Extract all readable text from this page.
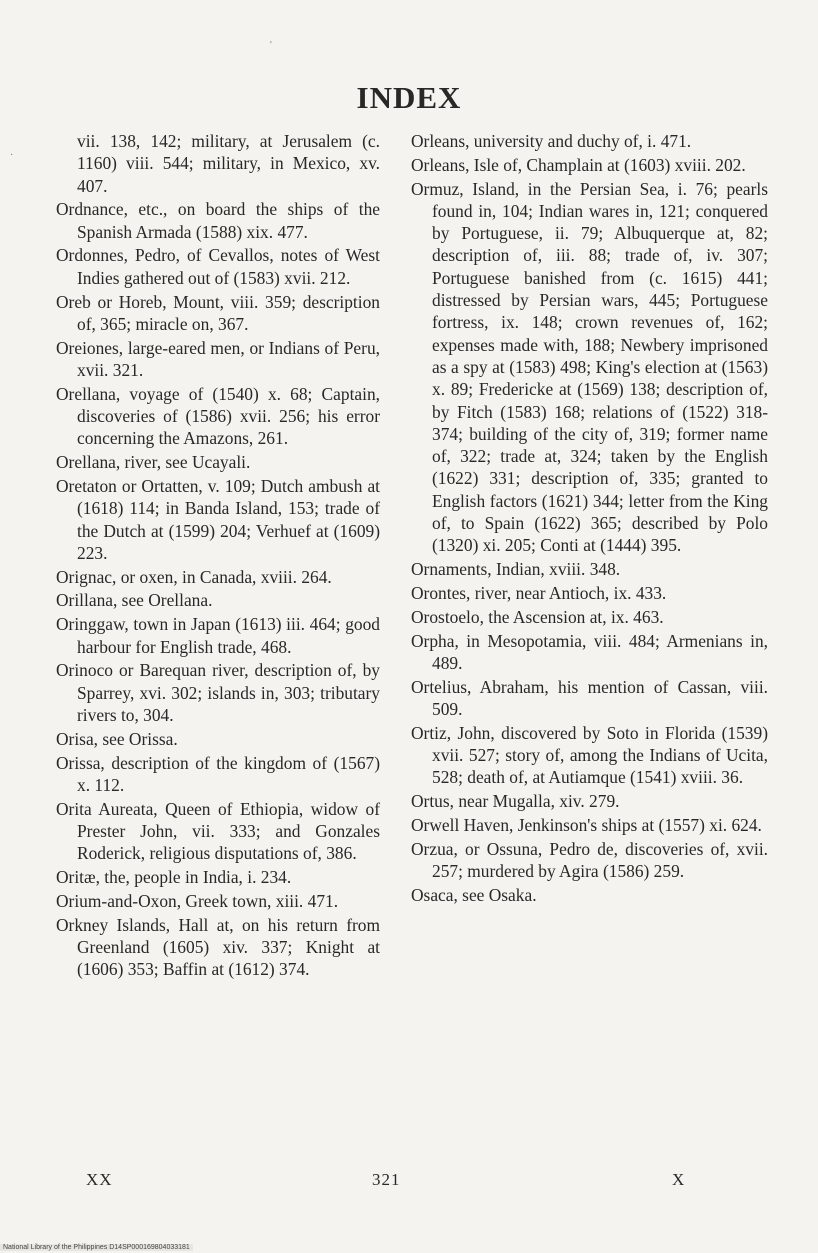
'
·
INDEX

vii. 138, 142; military, at Jerusalem (c. 1160) viii. 544; military, in Mexico, xv. 407.

Ordnance, etc., on board the ships of the Spanish Armada (1588) xix. 477.

Ordonnes, Pedro, of Cevallos, notes of West Indies gathered out of (1583) xvii. 212.

Oreb or Horeb, Mount, viii. 359; description of, 365; miracle on, 367.

Oreiones, large-eared men, or Indians of Peru, xvii. 321.

Orellana, voyage of (1540) x. 68; Captain, discoveries of (1586) xvii. 256; his error concerning the Amazons, 261.

Orellana, river, see Ucayali.

Oretaton or Ortatten, v. 109; Dutch ambush at (1618) 114; in Banda Island, 153; trade of the Dutch at (1599) 204; Verhuef at (1609) 223.

Orignac, or oxen, in Canada, xviii. 264.

Orillana, see Orellana.

Oringgaw, town in Japan (1613) iii. 464; good harbour for English trade, 468.

Orinoco or Barequan river, description of, by Sparrey, xvi. 302; islands in, 303; tributary rivers to, 304.

Orisa, see Orissa.

Orissa, description of the kingdom of (1567) x. 112.

Orita Aureata, Queen of Ethiopia, widow of Prester John, vii. 333; and Gonzales Roderick, religious disputations of, 386.

Oritæ, the, people in India, i. 234.

Orium-and-Oxon, Greek town, xiii. 471.

Orkney Islands, Hall at, on his return from Greenland (1605) xiv. 337; Knight at (1606) 353; Baffin at (1612) 374.

Orleans, university and duchy of, i. 471.

Orleans, Isle of, Champlain at (1603) xviii. 202.

Ormuz, Island, in the Persian Sea, i. 76; pearls found in, 104; Indian wares in, 121; conquered by Portuguese, ii. 79; Albuquerque at, 82; description of, iii. 88; trade of, iv. 307; Portuguese banished from (c. 1615) 441; distressed by Persian wars, 445; Portuguese fortress, ix. 148; crown revenues of, 162; expenses made with, 188; Newbery imprisoned as a spy at (1583) 498; King's election at (1563) x. 89; Fredericke at (1569) 138; description of, by Fitch (1583) 168; relations of (1522) 318-374; building of the city of, 319; former name of, 322; trade at, 324; taken by the English (1622) 331; description of, 335; granted to English factors (1621) 344; letter from the King of, to Spain (1622) 365; described by Polo (1320) xi. 205; Conti at (1444) 395.

Ornaments, Indian, xviii. 348.

Orontes, river, near Antioch, ix. 433.

Orostoelo, the Ascension at, ix. 463.

Orpha, in Mesopotamia, viii. 484; Armenians in, 489.

Ortelius, Abraham, his mention of Cassan, viii. 509.

Ortiz, John, discovered by Soto in Florida (1539) xvii. 527; story of, among the Indians of Ucita, 528; death of, at Autiamque (1541) xviii. 36.

Ortus, near Mugalla, xiv. 279.

Orwell Haven, Jenkinson's ships at (1557) xi. 624.

Orzua, or Ossuna, Pedro de, discoveries of, xvii. 257; murdered by Agira (1586) 259.

Osaca, see Osaka.

XX	321	X
National Library of the Philippines D14SP000169804033181
